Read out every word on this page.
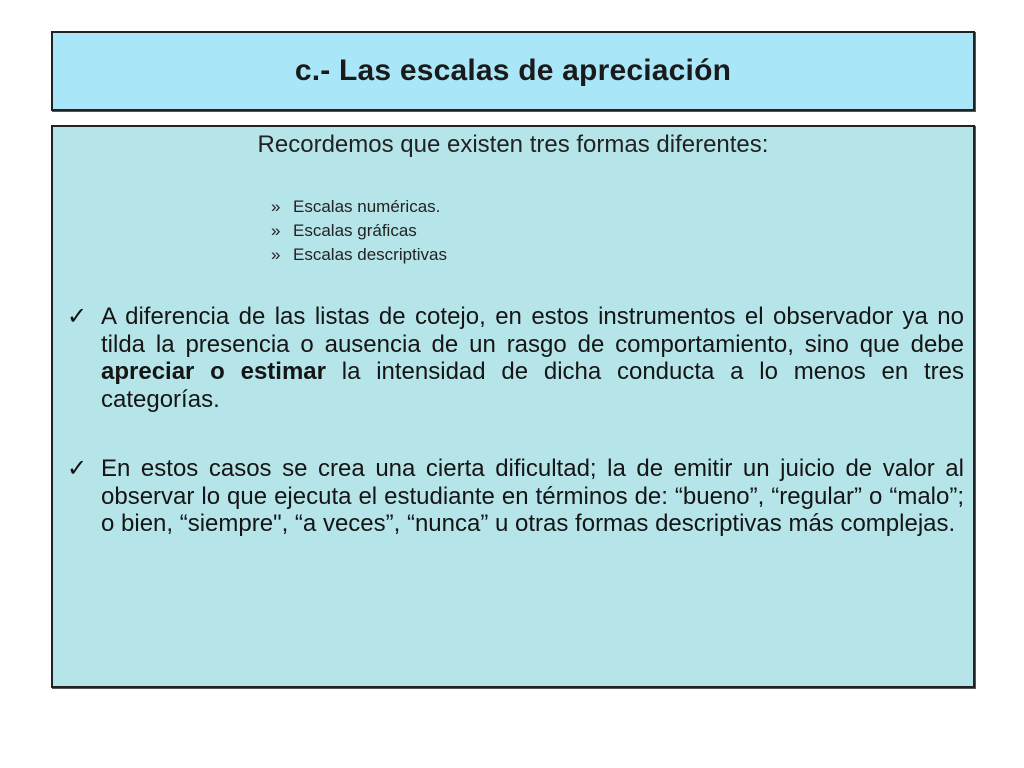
c.- Las escalas de apreciación
Recordemos que existen tres formas diferentes:
» Escalas numéricas.
» Escalas gráficas
» Escalas descriptivas
✓ A diferencia de las listas de cotejo, en estos instrumentos el observador ya no tilda la presencia o ausencia de un rasgo de comportamiento, sino que debe apreciar o estimar la intensidad de dicha conducta a lo menos en tres categorías.
✓ En estos casos se crea una cierta dificultad; la de emitir un juicio de valor al observar lo que ejecuta el estudiante en términos de: “bueno”, “regular” o “malo”; o bien, “siempre", “a veces”, “nunca” u otras formas descriptivas más complejas.
